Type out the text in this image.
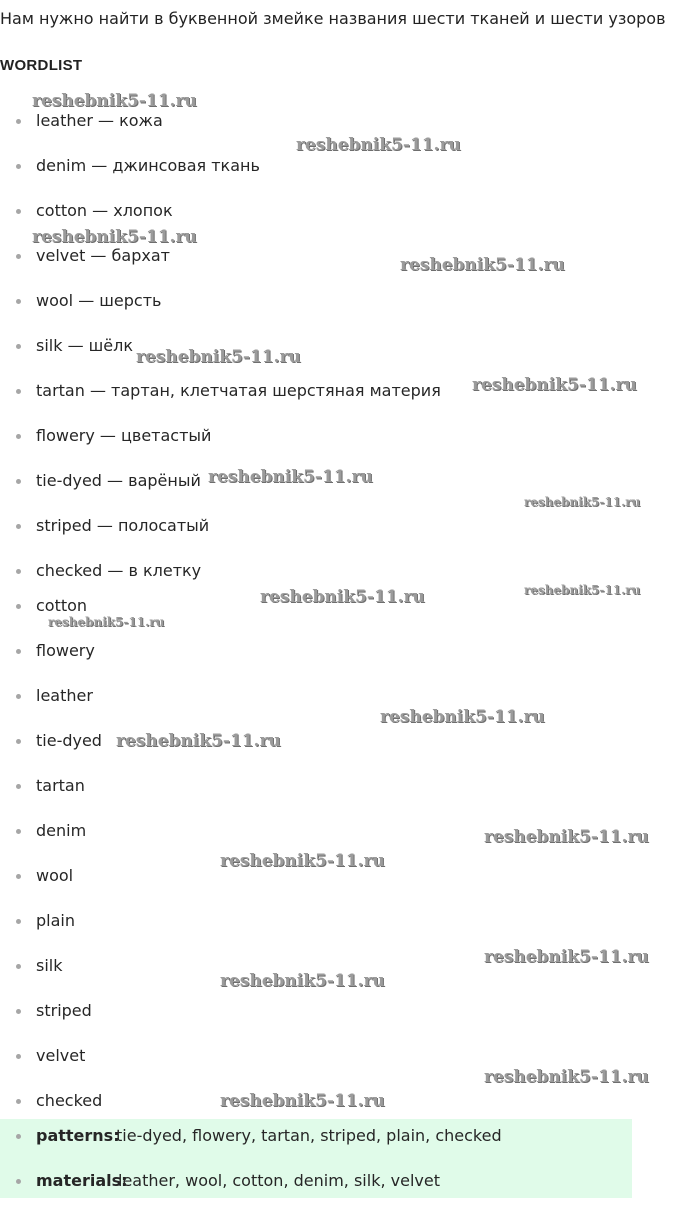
Нам нужно найти в буквенной змейке названия шести тканей и шести узоров
WORDLIST
leather — кожа
denim — джинсовая ткань
cotton — хлопок
velvet — бархат
wool — шерсть
silk — шёлк
tartan — тартан, клетчатая шерстяная материя
flowery — цветастый
tie-dyed — варёный
striped — полосатый
checked — в клетку
cotton
flowery
leather
tie-dyed
tartan
denim
wool
plain
silk
striped
velvet
checked
patterns:
tie-dyed, flowery, tartan, striped, plain, checked
materials:
leather, wool, cotton, denim, silk, velvet
reshebnik5-11.ru
reshebnik5-11.ru
reshebnik5-11.ru
reshebnik5-11.ru
reshebnik5-11.ru
reshebnik5-11.ru
reshebnik5-11.ru
reshebnik5-11.ru
reshebnik5-11.ru
reshebnik5-11.ru
reshebnik5-11.ru
reshebnik5-11.ru
reshebnik5-11.ru
reshebnik5-11.ru
reshebnik5-11.ru
reshebnik5-11.ru
reshebnik5-11.ru
reshebnik5-11.ru
reshebnik5-11.ru
